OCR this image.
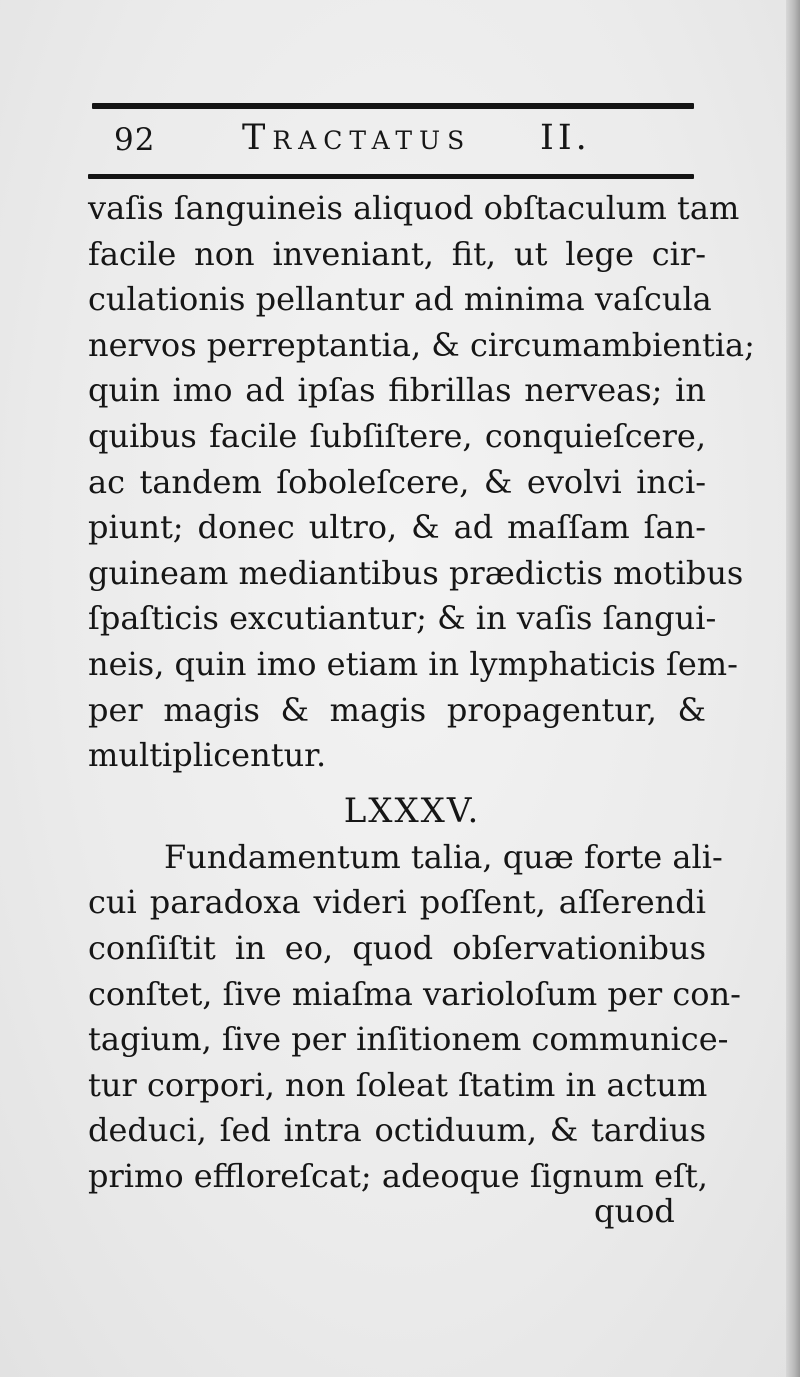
92 Tractatus II.
vaſis ſanguineis aliquod obſtaculum tam
facile non inveniant, fit, ut lege cir-
culationis pellantur ad minima vaſcula
nervos perreptantia, & circumambientia;
quin imo ad ipſas fibrillas nerveas; in
quibus facile ſubſiſtere, conquieſcere,
ac tandem ſoboleſcere, & evolvi inci-
piunt; donec ultro, & ad maſſam ſan-
guineam mediantibus prædictis motibus
ſpaſticis excutiantur; & in vaſis ſangui-
neis, quin imo etiam in lymphaticis ſem-
per magis & magis propagentur, &
multiplicentur.
LXXXV.
Fundamentum talia, quæ forte ali-
cui paradoxa videri poſſent, aſſerendi
conſiſtit in eo, quod obſervationibus
conſtet, ſive miaſma varioloſum per con-
tagium, ſive per inſitionem communice-
tur corpori, non ſoleat ſtatim in actum
deduci, ſed intra octiduum, & tardius
primo effloreſcat; adeoque ſignum eſt,
quod
